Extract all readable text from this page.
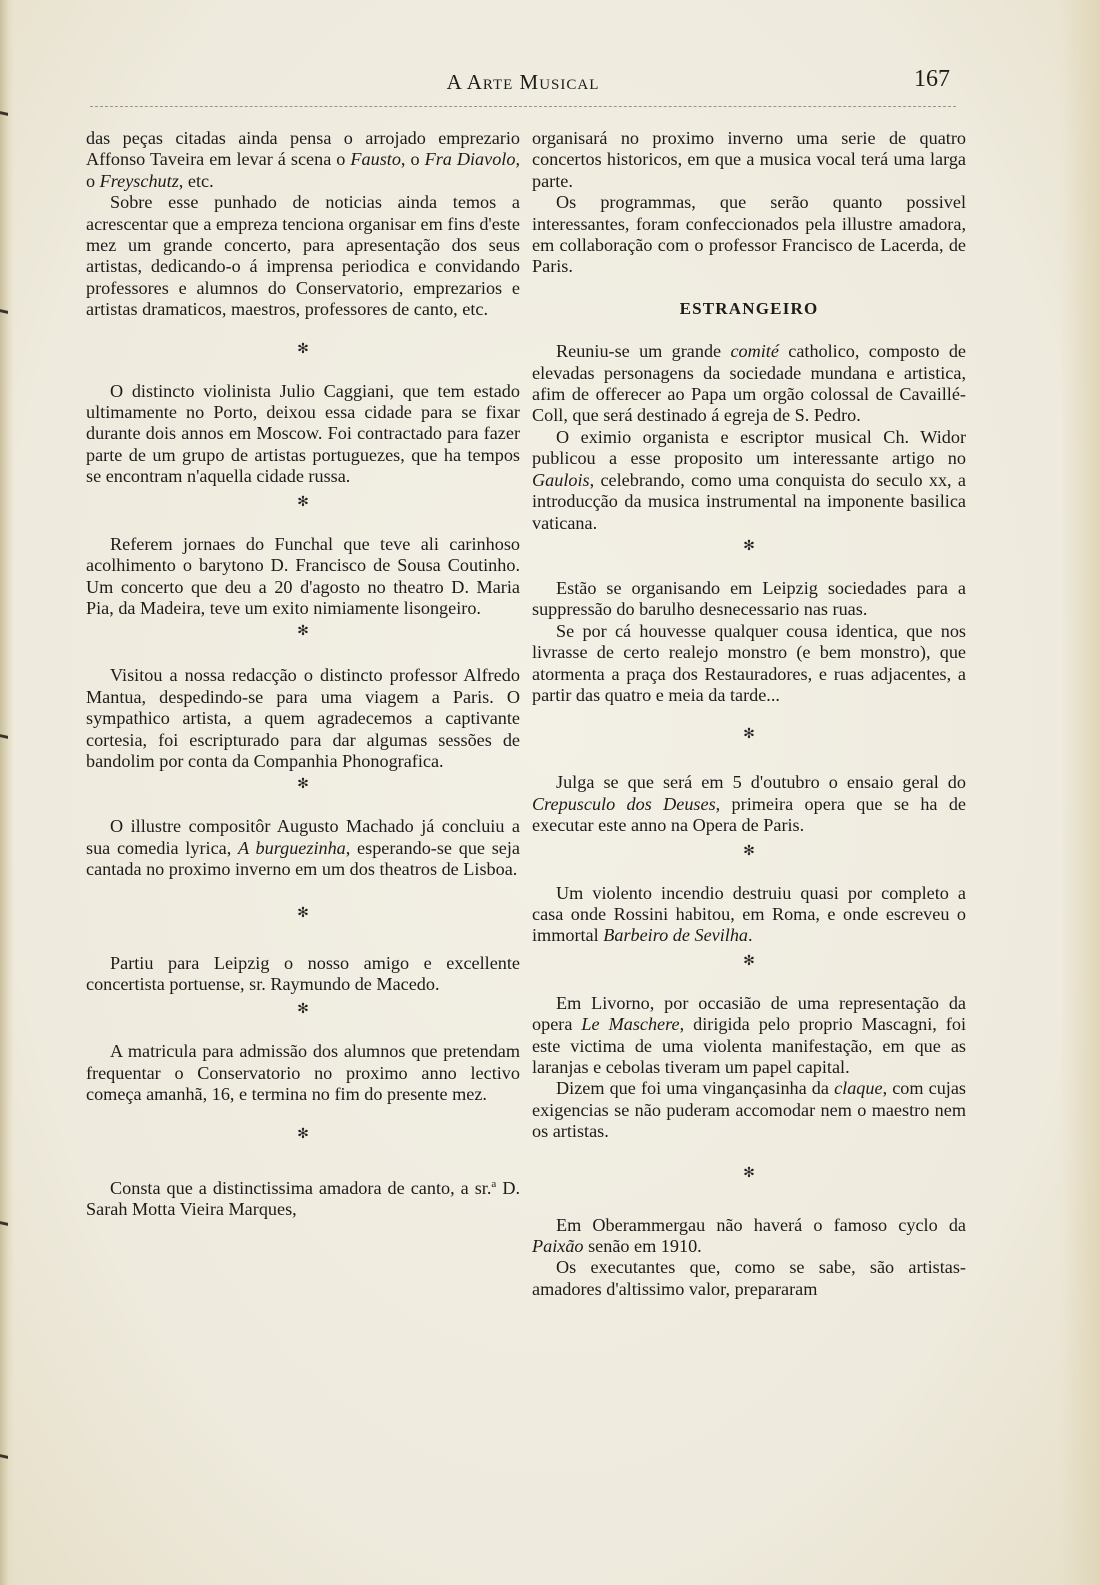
A Arte Musical	167

das peças citadas ainda pensa o arrojado emprezario Affonso Taveira em levar á scena o Fausto, o Fra Diavolo, o Freyschutz, etc.

Sobre esse punhado de noticias ainda temos a acrescentar que a empreza tenciona organisar em fins d'este mez um grande concerto, para apresentação dos seus artistas, dedicando-o á imprensa periodica e convidando professores e alumnos do Conservatorio, emprezarios e artistas dramaticos, maestros, professores de canto, etc.

✻

O distincto violinista Julio Caggiani, que tem estado ultimamente no Porto, deixou essa cidade para se fixar durante dois annos em Moscow. Foi contractado para fazer parte de um grupo de artistas portuguezes, que ha tempos se encontram n'aquella cidade russa.

✻

Referem jornaes do Funchal que teve ali carinhoso acolhimento o barytono D. Francisco de Sousa Coutinho. Um concerto que deu a 20 d'agosto no theatro D. Maria Pia, da Madeira, teve um exito nimiamente lisongeiro.

✻

Visitou a nossa redacção o distincto professor Alfredo Mantua, despedindo-se para uma viagem a Paris. O sympathico artista, a quem agradecemos a captivante cortesia, foi escripturado para dar algumas sessões de bandolim por conta da Companhia Phonografica.

✻

O illustre compositôr Augusto Machado já concluiu a sua comedia lyrica, A burguezinha, esperando-se que seja cantada no proximo inverno em um dos theatros de Lisboa.

✻

Partiu para Leipzig o nosso amigo e excellente concertista portuense, sr. Raymundo de Macedo.

✻

A matricula para admissão dos alumnos que pretendam frequentar o Conservatorio no proximo anno lectivo começa amanhã, 16, e termina no fim do presente mez.

✻

Consta que a distinctissima amadora de canto, a sr.$^a$ D. Sarah Motta Vieira Marques,

organisará no proximo inverno uma serie de quatro concertos historicos, em que a musica vocal terá uma larga parte.

Os programmas, que serão quanto possivel interessantes, foram confeccionados pela illustre amadora, em collaboração com o professor Francisco de Lacerda, de Paris.

ESTRANGEIRO

Reuniu-se um grande comité catholico, composto de elevadas personagens da sociedade mundana e artistica, afim de offerecer ao Papa um orgão colossal de Cavaillé-Coll, que será destinado á egreja de S. Pedro.

O eximio organista e escriptor musical Ch. Widor publicou a esse proposito um interessante artigo no Gaulois, celebrando, como uma conquista do seculo xx, a introducção da musica instrumental na imponente basilica vaticana.

✻

Estão se organisando em Leipzig sociedades para a suppressão do barulho desnecessario nas ruas.

Se por cá houvesse qualquer cousa identica, que nos livrasse de certo realejo monstro (e bem monstro), que atormenta a praça dos Restauradores, e ruas adjacentes, a partir das quatro e meia da tarde...

✻

Julga se que será em 5 d'outubro o ensaio geral do Crepusculo dos Deuses, primeira opera que se ha de executar este anno na Opera de Paris.

✻

Um violento incendio destruiu quasi por completo a casa onde Rossini habitou, em Roma, e onde escreveu o immortal Barbeiro de Sevilha.

✻

Em Livorno, por occasião de uma representação da opera Le Maschere, dirigida pelo proprio Mascagni, foi este victima de uma violenta manifestação, em que as laranjas e cebolas tiveram um papel capital.

Dizem que foi uma vingançasinha da claque, com cujas exigencias se não puderam accomodar nem o maestro nem os artistas.

✻

Em Oberammergau não haverá o famoso cyclo da Paixão senão em 1910.

Os executantes que, como se sabe, são artistas-amadores d'altissimo valor, prepararam
